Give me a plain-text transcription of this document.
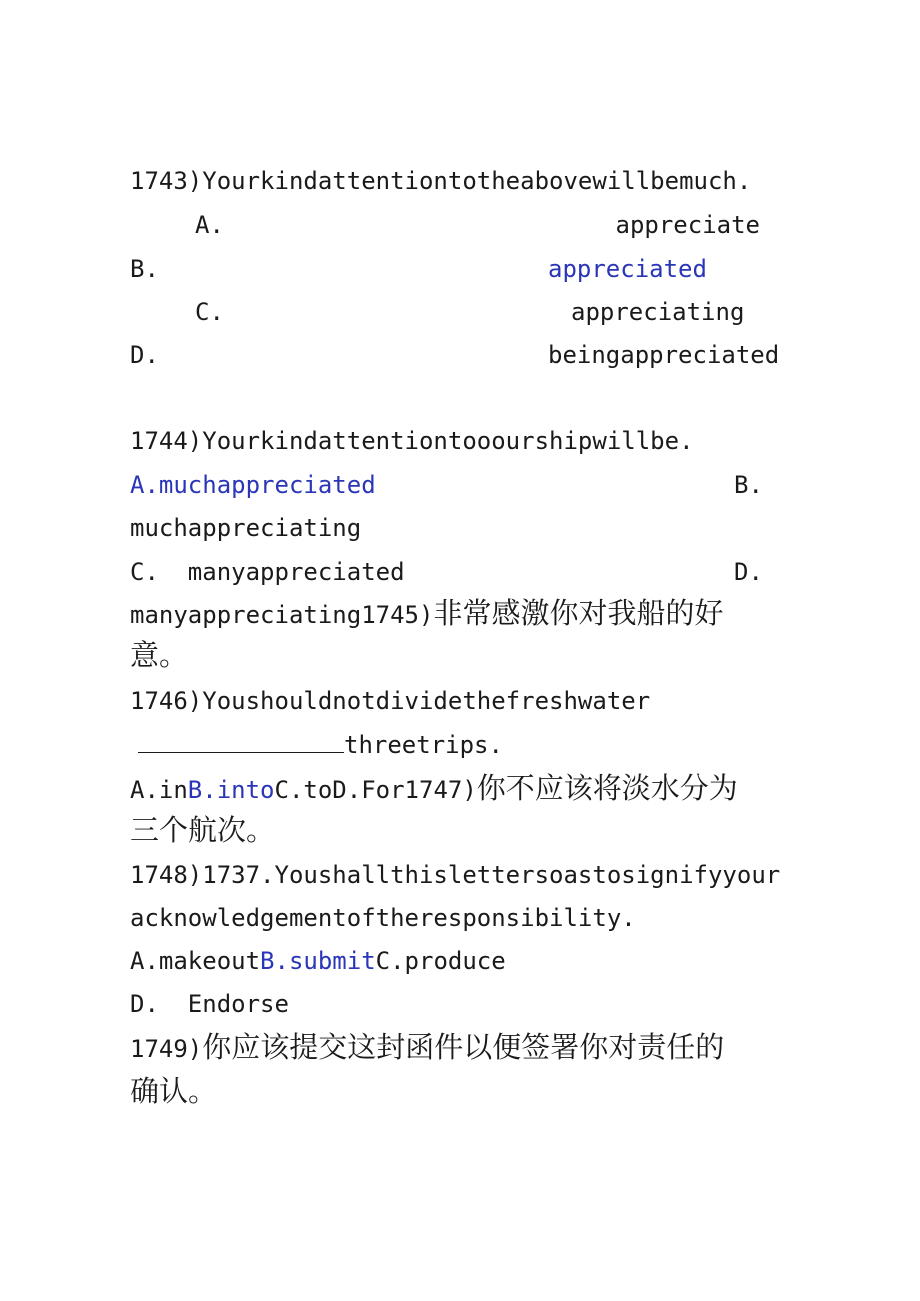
1743)Yourkindattentiontotheabovewillbemuch.
A.	appreciate
B.	appreciated
C.	appreciating
D.	beingappreciated
1744)Yourkindattentiontooourshipwillbe.
A.muchappreciated	B.
muchappreciating
C.  manyappreciated	D.
manyappreciating1745)非常感激你对我船的好
意。
1746)Youshouldnotdividethefreshwater
threetrips.
A.inB.intoC.toD.For1747)你不应该将淡水分为
三个航次。
1748)1737.Youshallthislettersoastosignifyyour
acknowledgementoftheresponsibility.
A.makeoutB.submitC.produce
D.  Endorse
1749)你应该提交这封函件以便签署你对责任的
确认。
